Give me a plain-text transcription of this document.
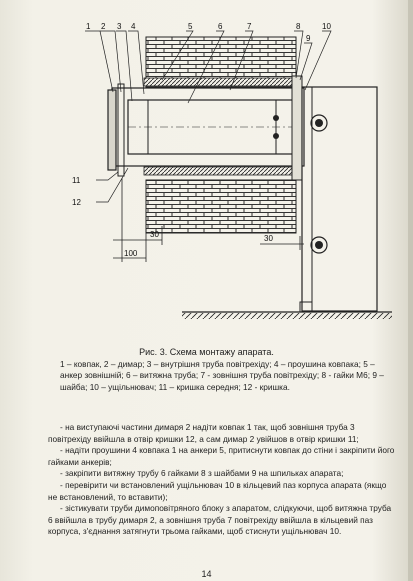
30
100
30
1 2 3 4	5	6	7	8
9
10
11
12
Рис. 3. Схема монтажу апарата.
1 – ковпак, 2 – димар; 3 – внутрішня труба повітрехіду; 4 – проушина ковпака; 5 – анкер зовнішній; 6 – витяжна труба; 7 - зовнішня труба повітрехіду; 8 - гайки М6; 9 – шайба; 10 – ущільнювач; 11 – кришка середня; 12 - кришка.

- на виступаючі частини димаря 2 надіти ковпак 1 так, щоб зовнішня труба 3 повітрехіду ввійшла в отвір кришки 12, а сам димар 2 увійшов в отвір кришки 11;

- надіти проушини 4 ковпака 1 на анкери 5, притиснути ковпак до стіни і закріпити його гайками анкерів;

- закріпити витяжну трубу 6 гайками 8 з шайбами 9 на шпильках апарата;

- перевірити чи встановлений ущільнювач 10 в кільцевий паз корпуса апарата (якщо не встановлений, то вставити);

- зістикувати труби димоповітряного блоку з апаратом, слідкуючи, щоб витяжна труба 6 ввійшла в трубу димаря 2, а зовнішня труба 7 повітрехіду ввійшла в кільцевий паз корпуса, з'єднання затягнути трьома гайками, щоб стиснути ущільнювач 10.

14
